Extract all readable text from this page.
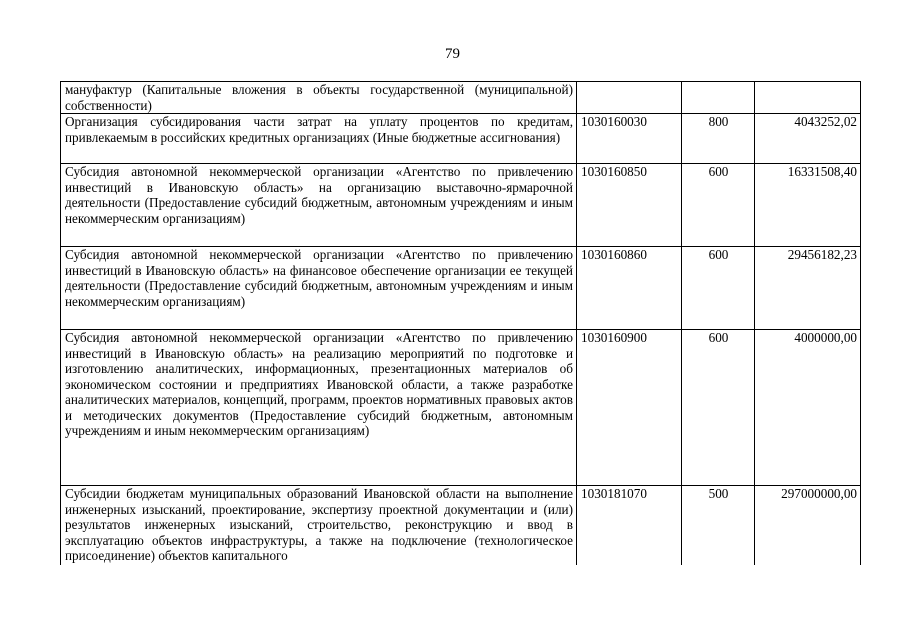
79
мануфактур (Капитальные вложения в объекты государственной (муниципальной) собственности)			
Организация субсидирования части затрат на уплату процентов по кредитам, привлекаемым в российских кредитных организациях (Иные бюджетные ассигнования)	1030160030	800	4043252,02
Субсидия автономной некоммерческой организации «Агентство по привлечению инвестиций в Ивановскую область» на организацию выставочно-ярмарочной деятельности (Предоставление субсидий бюджетным, автономным учреждениям и иным некоммерческим организациям)	1030160850	600	16331508,40
Субсидия автономной некоммерческой организации «Агентство по привлечению инвестиций в Ивановскую область» на финансовое обеспечение организации ее текущей деятельности (Предоставление субсидий бюджетным, автономным учреждениям и иным некоммерческим организациям)	1030160860	600	29456182,23
Субсидия автономной некоммерческой организации «Агентство по привлечению инвестиций в Ивановскую область» на реализацию мероприятий по подготовке и изготовлению аналитических, информационных, презентационных материалов об экономическом состоянии и предприятиях Ивановской области, а также разработке аналитических материалов, концепций, программ, проектов нормативных правовых актов и методических документов (Предоставление субсидий бюджетным, автономным учреждениям и иным некоммерческим организациям)	1030160900	600	4000000,00
Субсидии бюджетам муниципальных образований Ивановской области на выполнение инженерных изысканий, проектирование, экспертизу проектной документации и (или) результатов инженерных изысканий, строительство, реконструкцию и ввод в эксплуатацию объектов инфраструктуры, а также на подключение (технологическое присоединение) объектов капитального	1030181070	500	297000000,00
